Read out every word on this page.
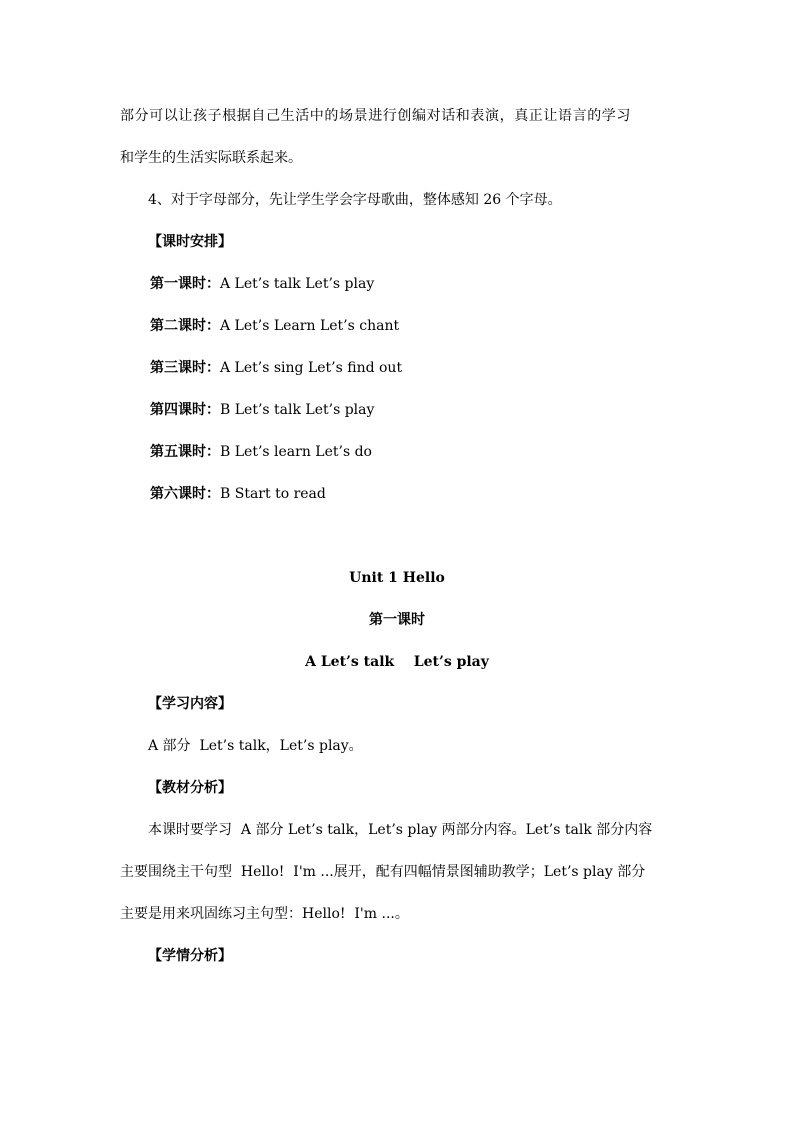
部分可以让孩子根据自己生活中的场景进行创编对话和表演，真正让语言的学习
和学生的生活实际联系起来。
4、对于字母部分，先让学生学会字母歌曲，整体感知 26 个字母。
【课时安排】
第一课时：A Let’s talk Let’s play
第二课时：A Let’s Learn Let’s chant
第三课时：A Let’s sing Let’s find out
第四课时：B Let’s talk Let’s play
第五课时：B Let’s learn Let’s do
第六课时：B Start to read
Unit 1 Hello
第一课时
A Let’s talk    Let’s play
【学习内容】
A 部分  Let’s talk，Let’s play。
【教材分析】
本课时要学习  A 部分 Let’s talk，Let’s play 两部分内容。Let’s talk 部分内容
主要围绕主干句型  Hello!  I'm ...展开，配有四幅情景图辅助教学；Let’s play 部分
主要是用来巩固练习主句型：Hello!  I'm ...。
【学情分析】
